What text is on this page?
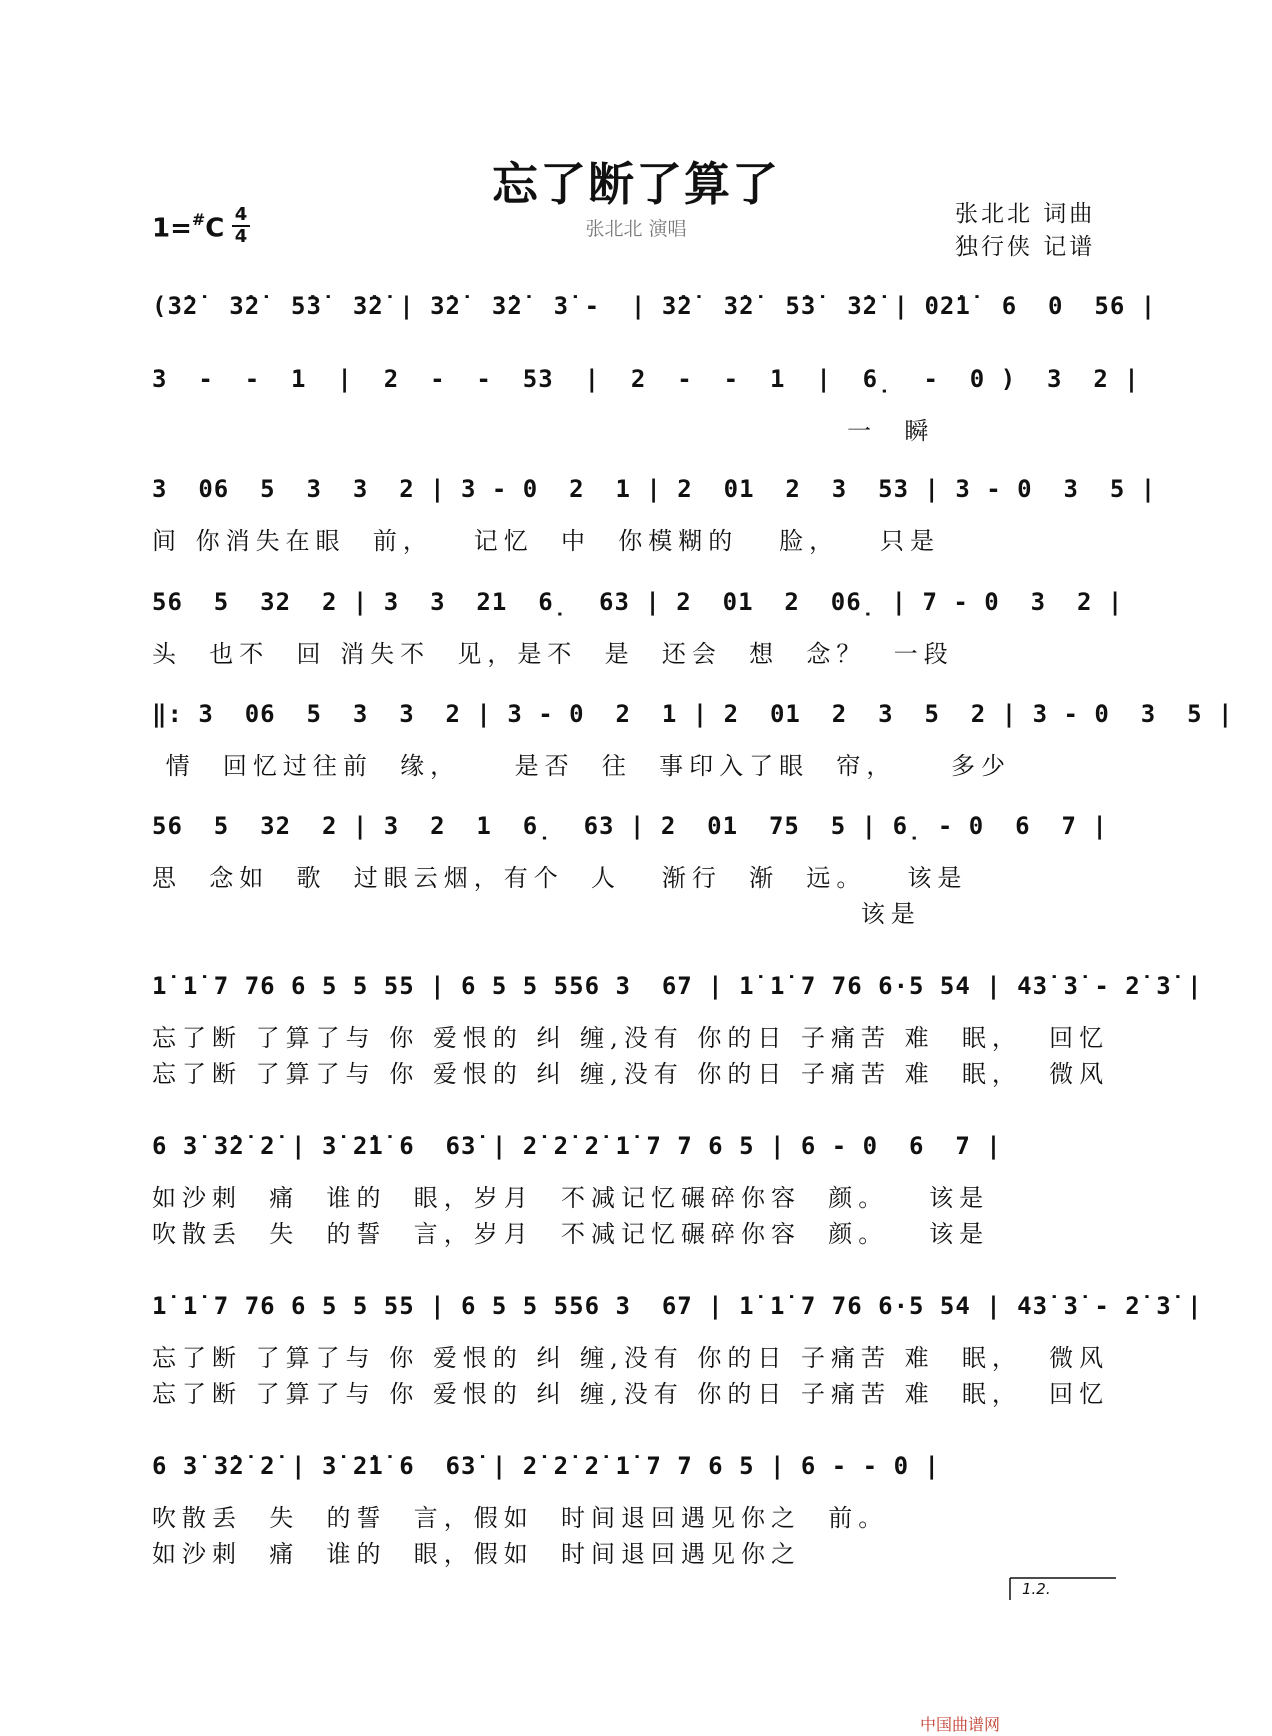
忘了断了算了
张北北 演唱
1=#C 4
4
张北北 词曲
独行侠 记谱
(3̇2̇  3̇2̇  5̇3̇  3̇2̇ | 3̇2̇  3̇2̇  3̇ -  | 3̇2̇  3̇2̇  5̇3̇  3̇2̇ | 02̇1̇  6  0  56 |
3  -  -  1  |  2  -  -  53  |  2  -  -  1  |  6̣  -  0 )  3  2 |
一  瞬
3  06  5  3  3  2 | 3 - 0  2  1 | 2  01  2  3  53 | 3 - 0  3  5 |
间 你消失在眼  前，   记忆  中  你模糊的   脸，   只是
56  5  32  2 | 3  3  21  6̣  63 | 2  01  2  06̣ | 7 - 0  3  2 |
头  也不  回 消失不  见，是不  是  还会  想  念？  一段
‖: 3  06  5  3  3  2 | 3 - 0  2  1 | 2  01  2  3  5  2 | 3 - 0  3  5 |
情  回忆过往前  缘，    是否  往  事印入了眼  帘，    多少
56  5  32  2 | 3  2  1  6̣  63 | 2  01  75  5 | 6̣ - 0  6  7 |
思  念如  歌  过眼云烟，有个  人   渐行  渐  远。   该是
该是
1̇ 1̇ 7 76 6 5 5 55 | 6 5 5 556 3  67 | 1̇ 1̇ 7 76 6·5 54 | 43̇ 3̇ - 2̇ 3̇ |
忘了断 了算了与 你 爱恨的 纠 缠,没有 你的日 子痛苦 难  眠，  回忆
忘了断 了算了与 你 爱恨的 纠 缠,没有 你的日 子痛苦 难  眠，  微风
6 3̇ 3̇2̇ 2̇ | 3̇ 2̇1̇ 6  63̇ | 2̇ 2̇ 2̇ 1̇ 7 7 6 5 | 6 - 0  6  7 |
如沙刺  痛  谁的  眼，岁月  不减记忆碾碎你容  颜。   该是
吹散丢  失  的誓  言，岁月  不减记忆碾碎你容  颜。   该是
1̇ 1̇ 7 76 6 5 5 55 | 6 5 5 556 3  67 | 1̇ 1̇ 7 76 6·5 54 | 43̇ 3̇ - 2̇ 3̇ |
忘了断 了算了与 你 爱恨的 纠 缠,没有 你的日 子痛苦 难  眠，  微风
忘了断 了算了与 你 爱恨的 纠 缠,没有 你的日 子痛苦 难  眠，  回忆
6 3̇ 3̇2̇ 2̇ | 3̇ 2̇1̇ 6  63̇ | 2̇ 2̇ 2̇ 1̇ 7 7 6 5 | 6 - - 0 |
吹散丢  失  的誓  言，假如  时间退回遇见你之  前。
如沙刺  痛  谁的  眼，假如  时间退回遇见你之
1.2.
中国曲谱网
